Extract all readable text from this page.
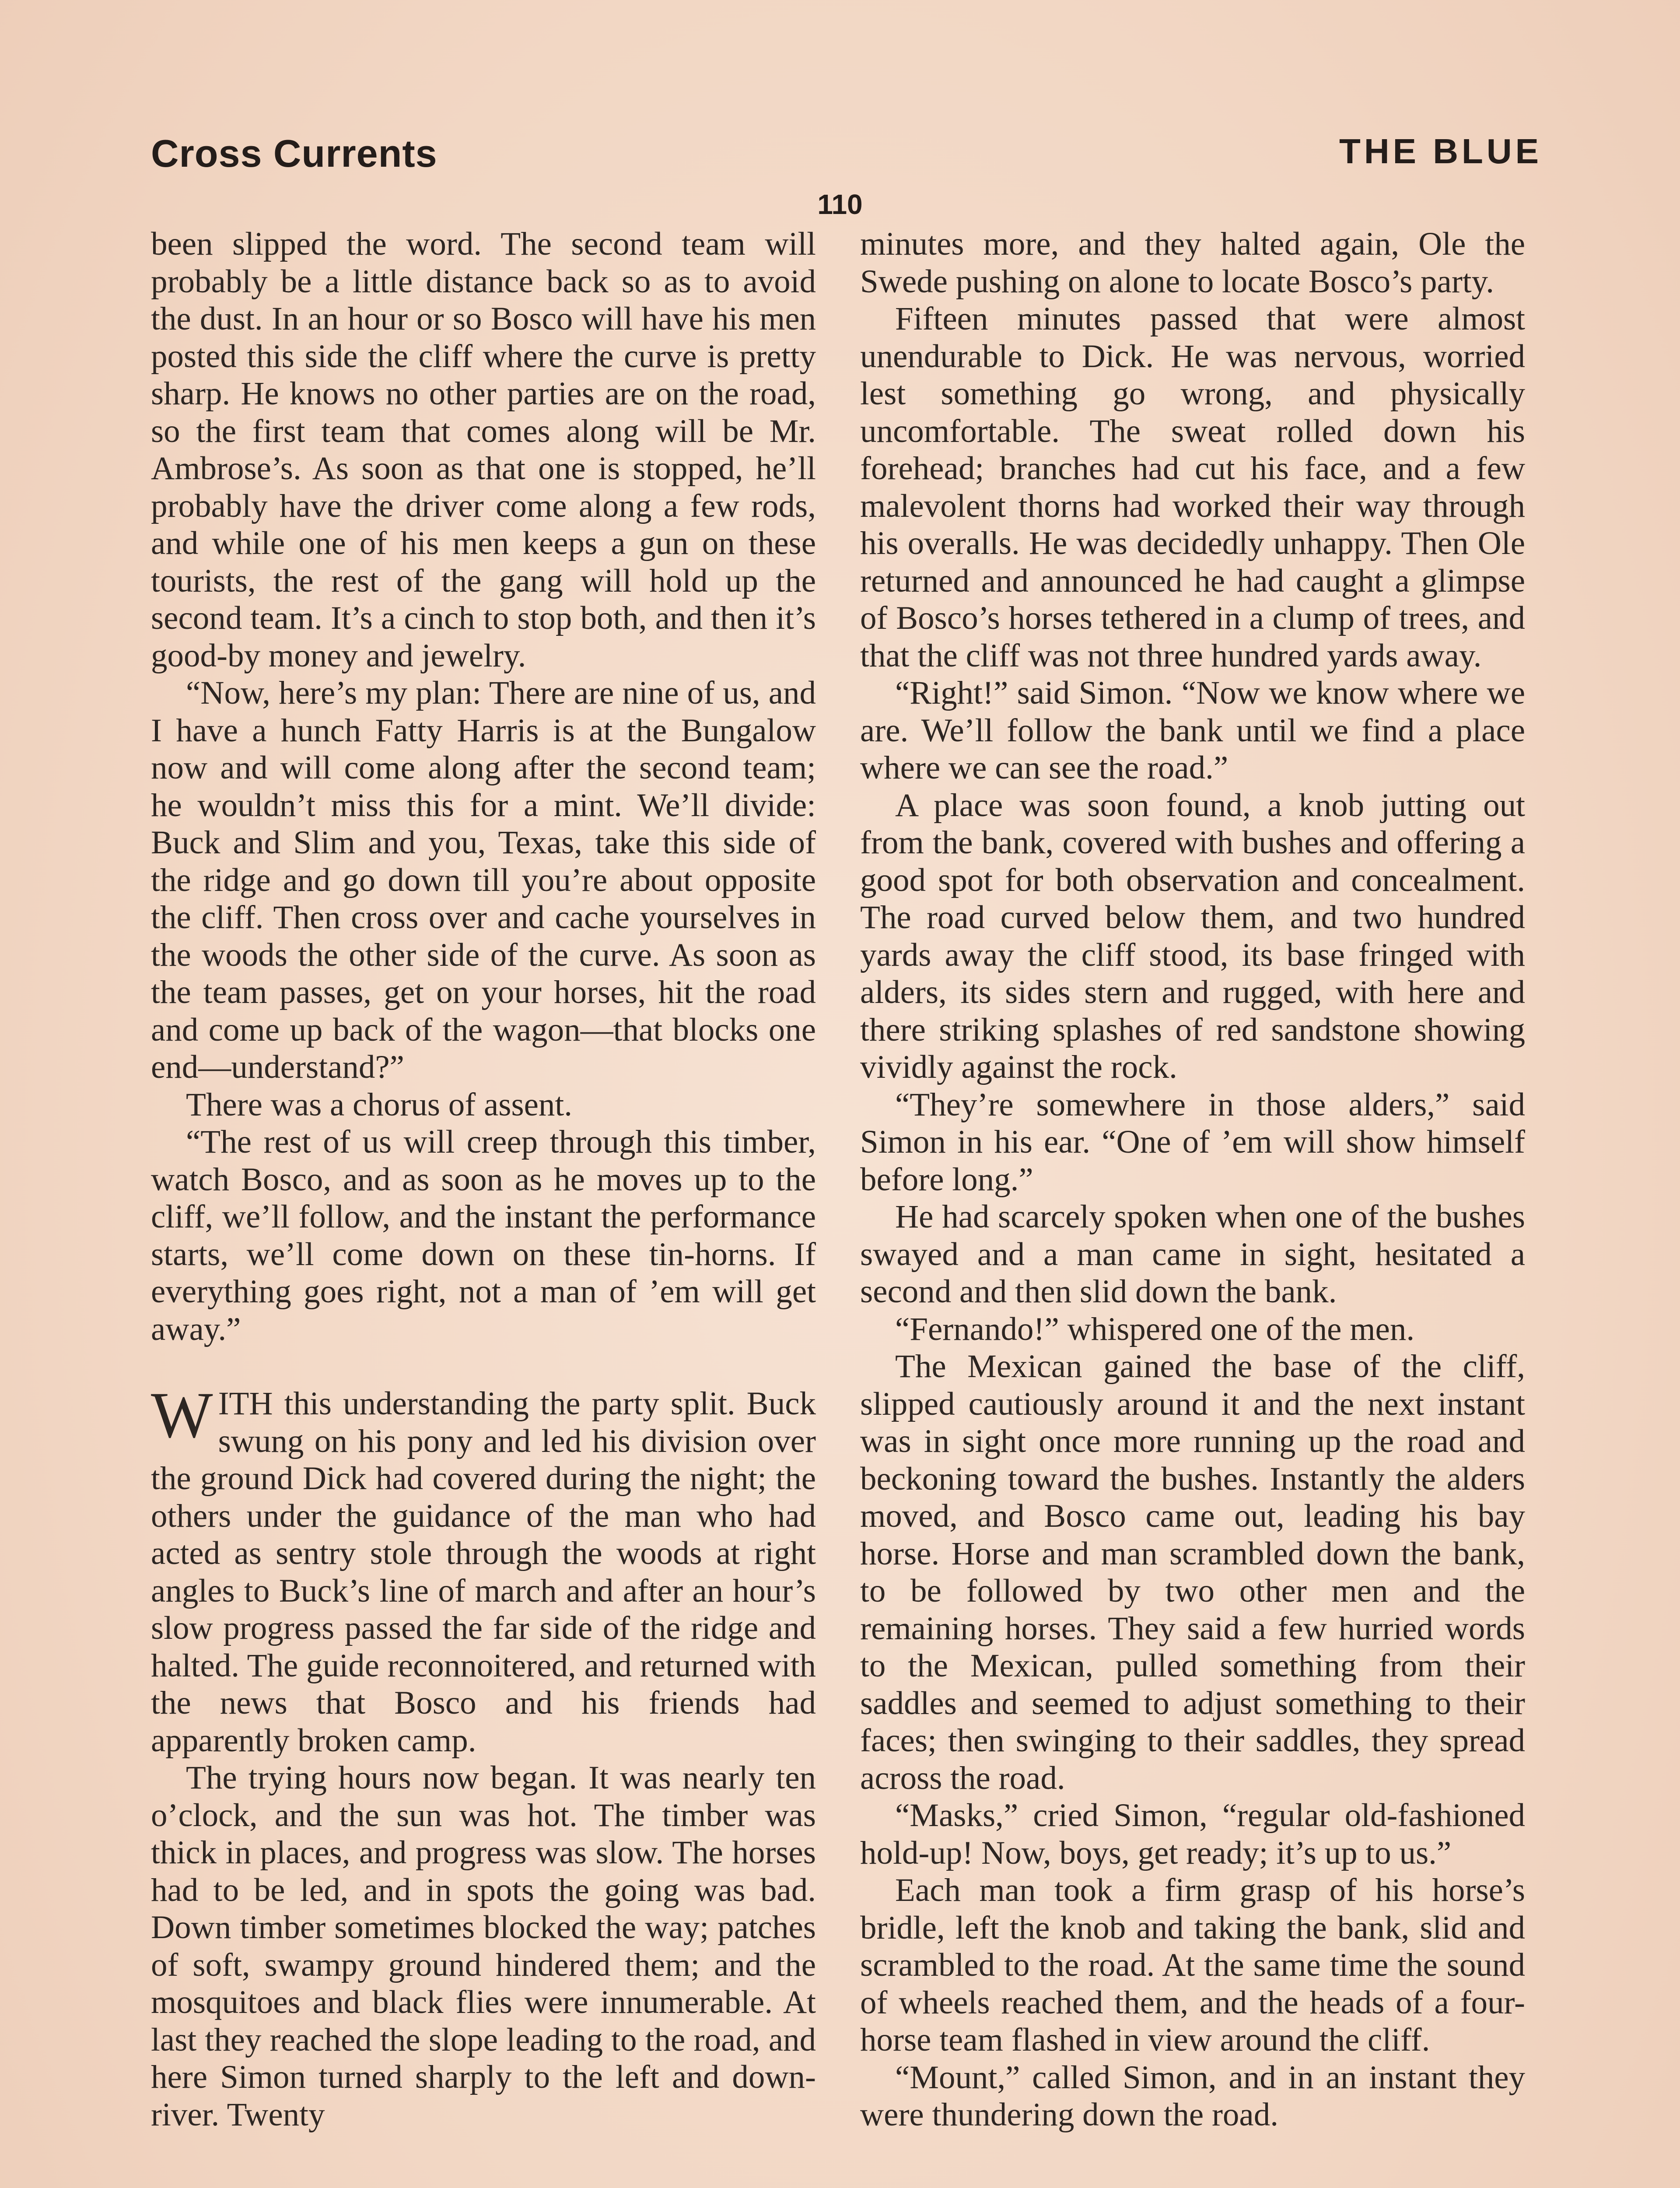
Cross Currents	THE BLUE
110

been slipped the word. The second team will probably be a little distance back so as to avoid the dust. In an hour or so Bosco will have his men posted this side the cliff where the curve is pretty sharp. He knows no other parties are on the road, so the first team that comes along will be Mr. Ambrose’s. As soon as that one is stopped, he’ll probably have the driver come along a few rods, and while one of his men keeps a gun on these tourists, the rest of the gang will hold up the second team. It’s a cinch to stop both, and then it’s good-by money and jewelry.

“Now, here’s my plan: There are nine of us, and I have a hunch Fatty Harris is at the Bungalow now and will come along after the second team; he wouldn’t miss this for a mint. We’ll divide: Buck and Slim and you, Texas, take this side of the ridge and go down till you’re about opposite the cliff. Then cross over and cache yourselves in the woods the other side of the curve. As soon as the team passes, get on your horses, hit the road and come up back of the wagon—that blocks one end—understand?”

There was a chorus of assent.

“The rest of us will creep through this timber, watch Bosco, and as soon as he moves up to the cliff, we’ll follow, and the instant the performance starts, we’ll come down on these tin-horns. If everything goes right, not a man of ’em will get away.”

WITH this understanding the party split. Buck swung on his pony and led his division over the ground Dick had covered during the night; the others under the guidance of the man who had acted as sentry stole through the woods at right angles to Buck’s line of march and after an hour’s slow progress passed the far side of the ridge and halted. The guide reconnoitered, and returned with the news that Bosco and his friends had apparently broken camp.

The trying hours now began. It was nearly ten o’clock, and the sun was hot. The timber was thick in places, and progress was slow. The horses had to be led, and in spots the going was bad. Down timber sometimes blocked the way; patches of soft, swampy ground hindered them; and the mosquitoes and black flies were innumerable. At last they reached the slope leading to the road, and here Simon turned sharply to the left and down-river. Twenty

minutes more, and they halted again, Ole the Swede pushing on alone to locate Bosco’s party.

Fifteen minutes passed that were almost unendurable to Dick. He was nervous, worried lest something go wrong, and physically uncomfortable. The sweat rolled down his forehead; branches had cut his face, and a few malevolent thorns had worked their way through his overalls. He was decidedly unhappy. Then Ole returned and announced he had caught a glimpse of Bosco’s horses tethered in a clump of trees, and that the cliff was not three hundred yards away.

“Right!” said Simon. “Now we know where we are. We’ll follow the bank until we find a place where we can see the road.”

A place was soon found, a knob jutting out from the bank, covered with bushes and offering a good spot for both observation and concealment. The road curved below them, and two hundred yards away the cliff stood, its base fringed with alders, its sides stern and rugged, with here and there striking splashes of red sandstone showing vividly against the rock.

“They’re somewhere in those alders,” said Simon in his ear. “One of ’em will show himself before long.”

He had scarcely spoken when one of the bushes swayed and a man came in sight, hesitated a second and then slid down the bank.

“Fernando!” whispered one of the men.

The Mexican gained the base of the cliff, slipped cautiously around it and the next instant was in sight once more running up the road and beckoning toward the bushes. Instantly the alders moved, and Bosco came out, leading his bay horse. Horse and man scrambled down the bank, to be followed by two other men and the remaining horses. They said a few hurried words to the Mexican, pulled something from their saddles and seemed to adjust something to their faces; then swinging to their saddles, they spread across the road.

“Masks,” cried Simon, “regular old-fashioned hold-up! Now, boys, get ready; it’s up to us.”

Each man took a firm grasp of his horse’s bridle, left the knob and taking the bank, slid and scrambled to the road. At the same time the sound of wheels reached them, and the heads of a four-horse team flashed in view around the cliff.

“Mount,” called Simon, and in an instant they were thundering down the road.
